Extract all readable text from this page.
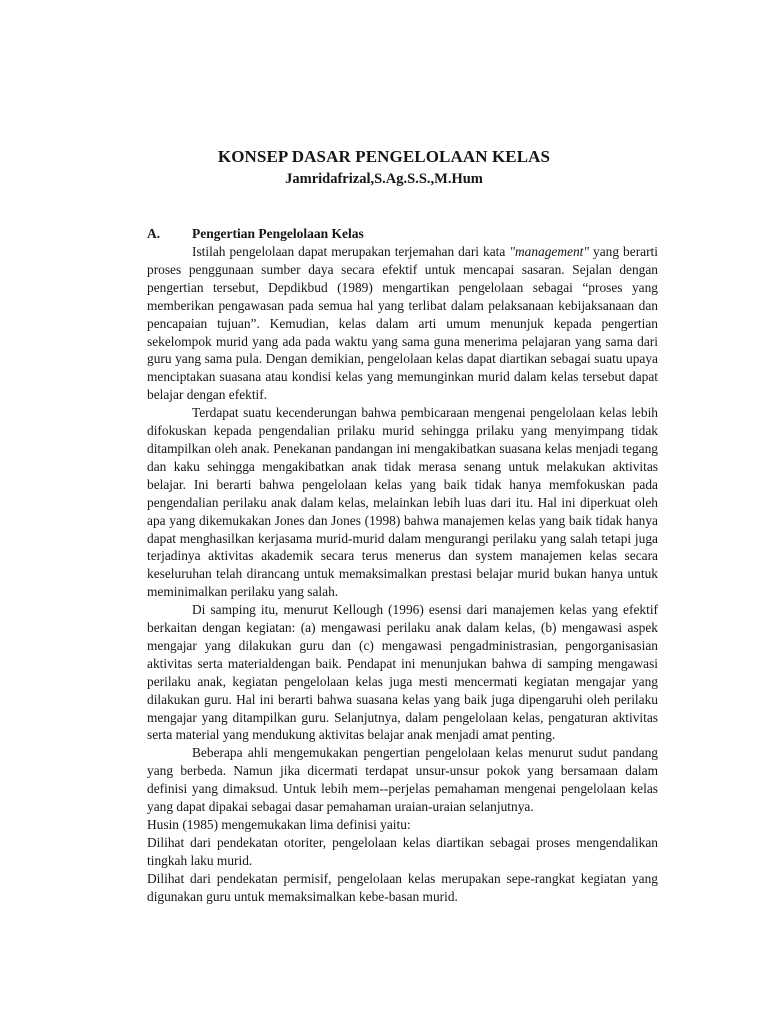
KONSEP DASAR PENGELOLAAN KELAS
Jamridafrizal,S.Ag.S.S.,M.Hum
A. Pengertian Pengelolaan Kelas

Istilah pengelolaan dapat merupakan terjemahan dari kata "management" yang berarti proses penggunaan sumber daya secara efektif untuk mencapai sasaran. Sejalan dengan pengertian tersebut, Depdikbud (1989) mengartikan pengelolaan sebagai “proses yang memberikan pengawasan pada semua hal yang terlibat dalam pelaksanaan kebijaksanaan dan pencapaian tujuan”. Kemudian, kelas dalam arti umum menunjuk kepada pengertian sekelompok murid yang ada pada waktu yang sama guna menerima pelajaran yang sama dari guru yang sama pula. Dengan demikian, pengelolaan kelas dapat diartikan sebagai suatu upaya menciptakan suasana atau kondisi kelas yang memunginkan murid dalam kelas tersebut dapat belajar dengan efektif.

Terdapat suatu kecenderungan bahwa pembicaraan mengenai pengelolaan kelas lebih difokuskan kepada pengendalian prilaku murid sehingga prilaku yang menyimpang tidak ditampilkan oleh anak. Penekanan pandangan ini mengakibatkan suasana kelas menjadi tegang dan kaku sehingga mengakibatkan anak tidak merasa senang untuk melakukan aktivitas belajar. Ini berarti bahwa pengelolaan kelas yang baik tidak hanya memfokuskan pada pengendalian perilaku anak dalam kelas, melainkan lebih luas dari itu. Hal ini diperkuat oleh apa yang dikemukakan Jones dan Jones (1998) bahwa manajemen kelas yang baik tidak hanya dapat menghasilkan kerjasama murid-murid dalam mengurangi perilaku yang salah tetapi juga terjadinya aktivitas akademik secara terus menerus dan system manajemen kelas secara keseluruhan telah dirancang untuk memaksimalkan prestasi belajar murid bukan hanya untuk meminimalkan perilaku yang salah.

Di samping itu, menurut Kellough (1996) esensi dari manajemen kelas yang efektif berkaitan dengan kegiatan: (a) mengawasi perilaku anak dalam kelas, (b) mengawasi aspek mengajar yang dilakukan guru dan (c) mengawasi pengadministrasian, pengorganisasian aktivitas serta materialdengan baik. Pendapat ini menunjukan bahwa di samping mengawasi perilaku anak, kegiatan pengelolaan kelas juga mesti mencermati kegiatan mengajar yang dilakukan guru. Hal ini berarti bahwa suasana kelas yang baik juga dipengaruhi oleh perilaku mengajar yang ditampilkan guru. Selanjutnya, dalam pengelolaan kelas, pengaturan aktivitas serta material yang mendukung aktivitas belajar anak menjadi amat penting.

Beberapa ahli mengemukakan pengertian pengelolaan kelas menurut sudut pandang yang berbeda. Namun jika dicermati terdapat unsur-unsur pokok yang bersamaan dalam definisi yang dimaksud. Untuk lebih mem--perjelas pemahaman mengenai pengelolaan kelas yang dapat dipakai sebagai dasar pemahaman uraian-uraian selanjutnya.

Husin (1985) mengemukakan lima definisi yaitu:

Dilihat dari pendekatan otoriter, pengelolaan kelas diartikan sebagai proses mengendalikan tingkah laku murid.

Dilihat dari pendekatan permisif, pengelolaan kelas merupakan sepe-rangkat kegiatan yang digunakan guru untuk memaksimalkan kebe-basan murid.
